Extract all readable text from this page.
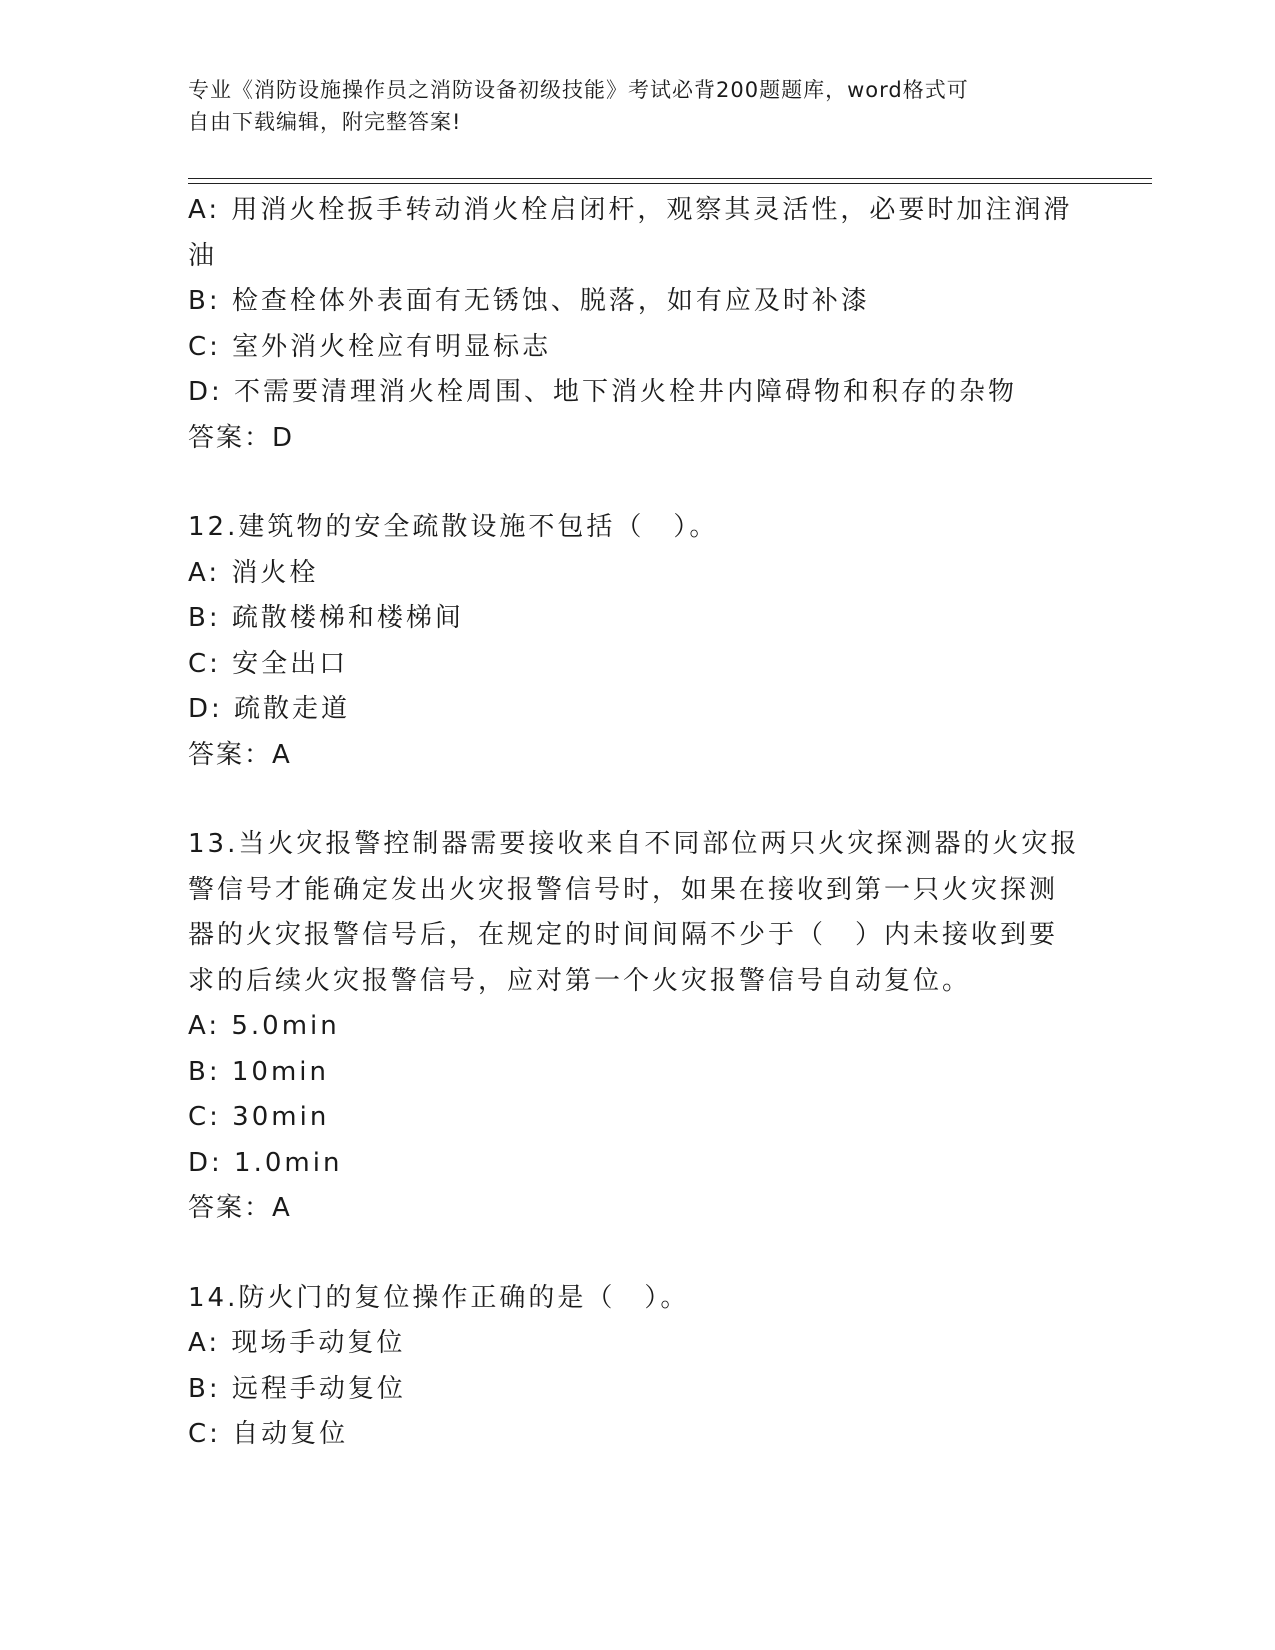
专业《消防设施操作员之消防设备初级技能》考试必背200题题库，word格式可
自由下载编辑，附完整答案!
A: 用消火栓扳手转动消火栓启闭杆，观察其灵活性，必要时加注润滑
油
B: 检查栓体外表面有无锈蚀、脱落，如有应及时补漆
C: 室外消火栓应有明显标志
D: 不需要清理消火栓周围、地下消火栓井内障碍物和积存的杂物
答案：D
12.建筑物的安全疏散设施不包括（　）。
A: 消火栓
B: 疏散楼梯和楼梯间
C: 安全出口
D: 疏散走道
答案：A
13.当火灾报警控制器需要接收来自不同部位两只火灾探测器的火灾报
警信号才能确定发出火灾报警信号时，如果在接收到第一只火灾探测
器的火灾报警信号后，在规定的时间间隔不少于（　）内未接收到要
求的后续火灾报警信号，应对第一个火灾报警信号自动复位。
A: 5.0min
B: 10min
C: 30min
D: 1.0min
答案：A
14.防火门的复位操作正确的是（　）。
A: 现场手动复位
B: 远程手动复位
C: 自动复位
